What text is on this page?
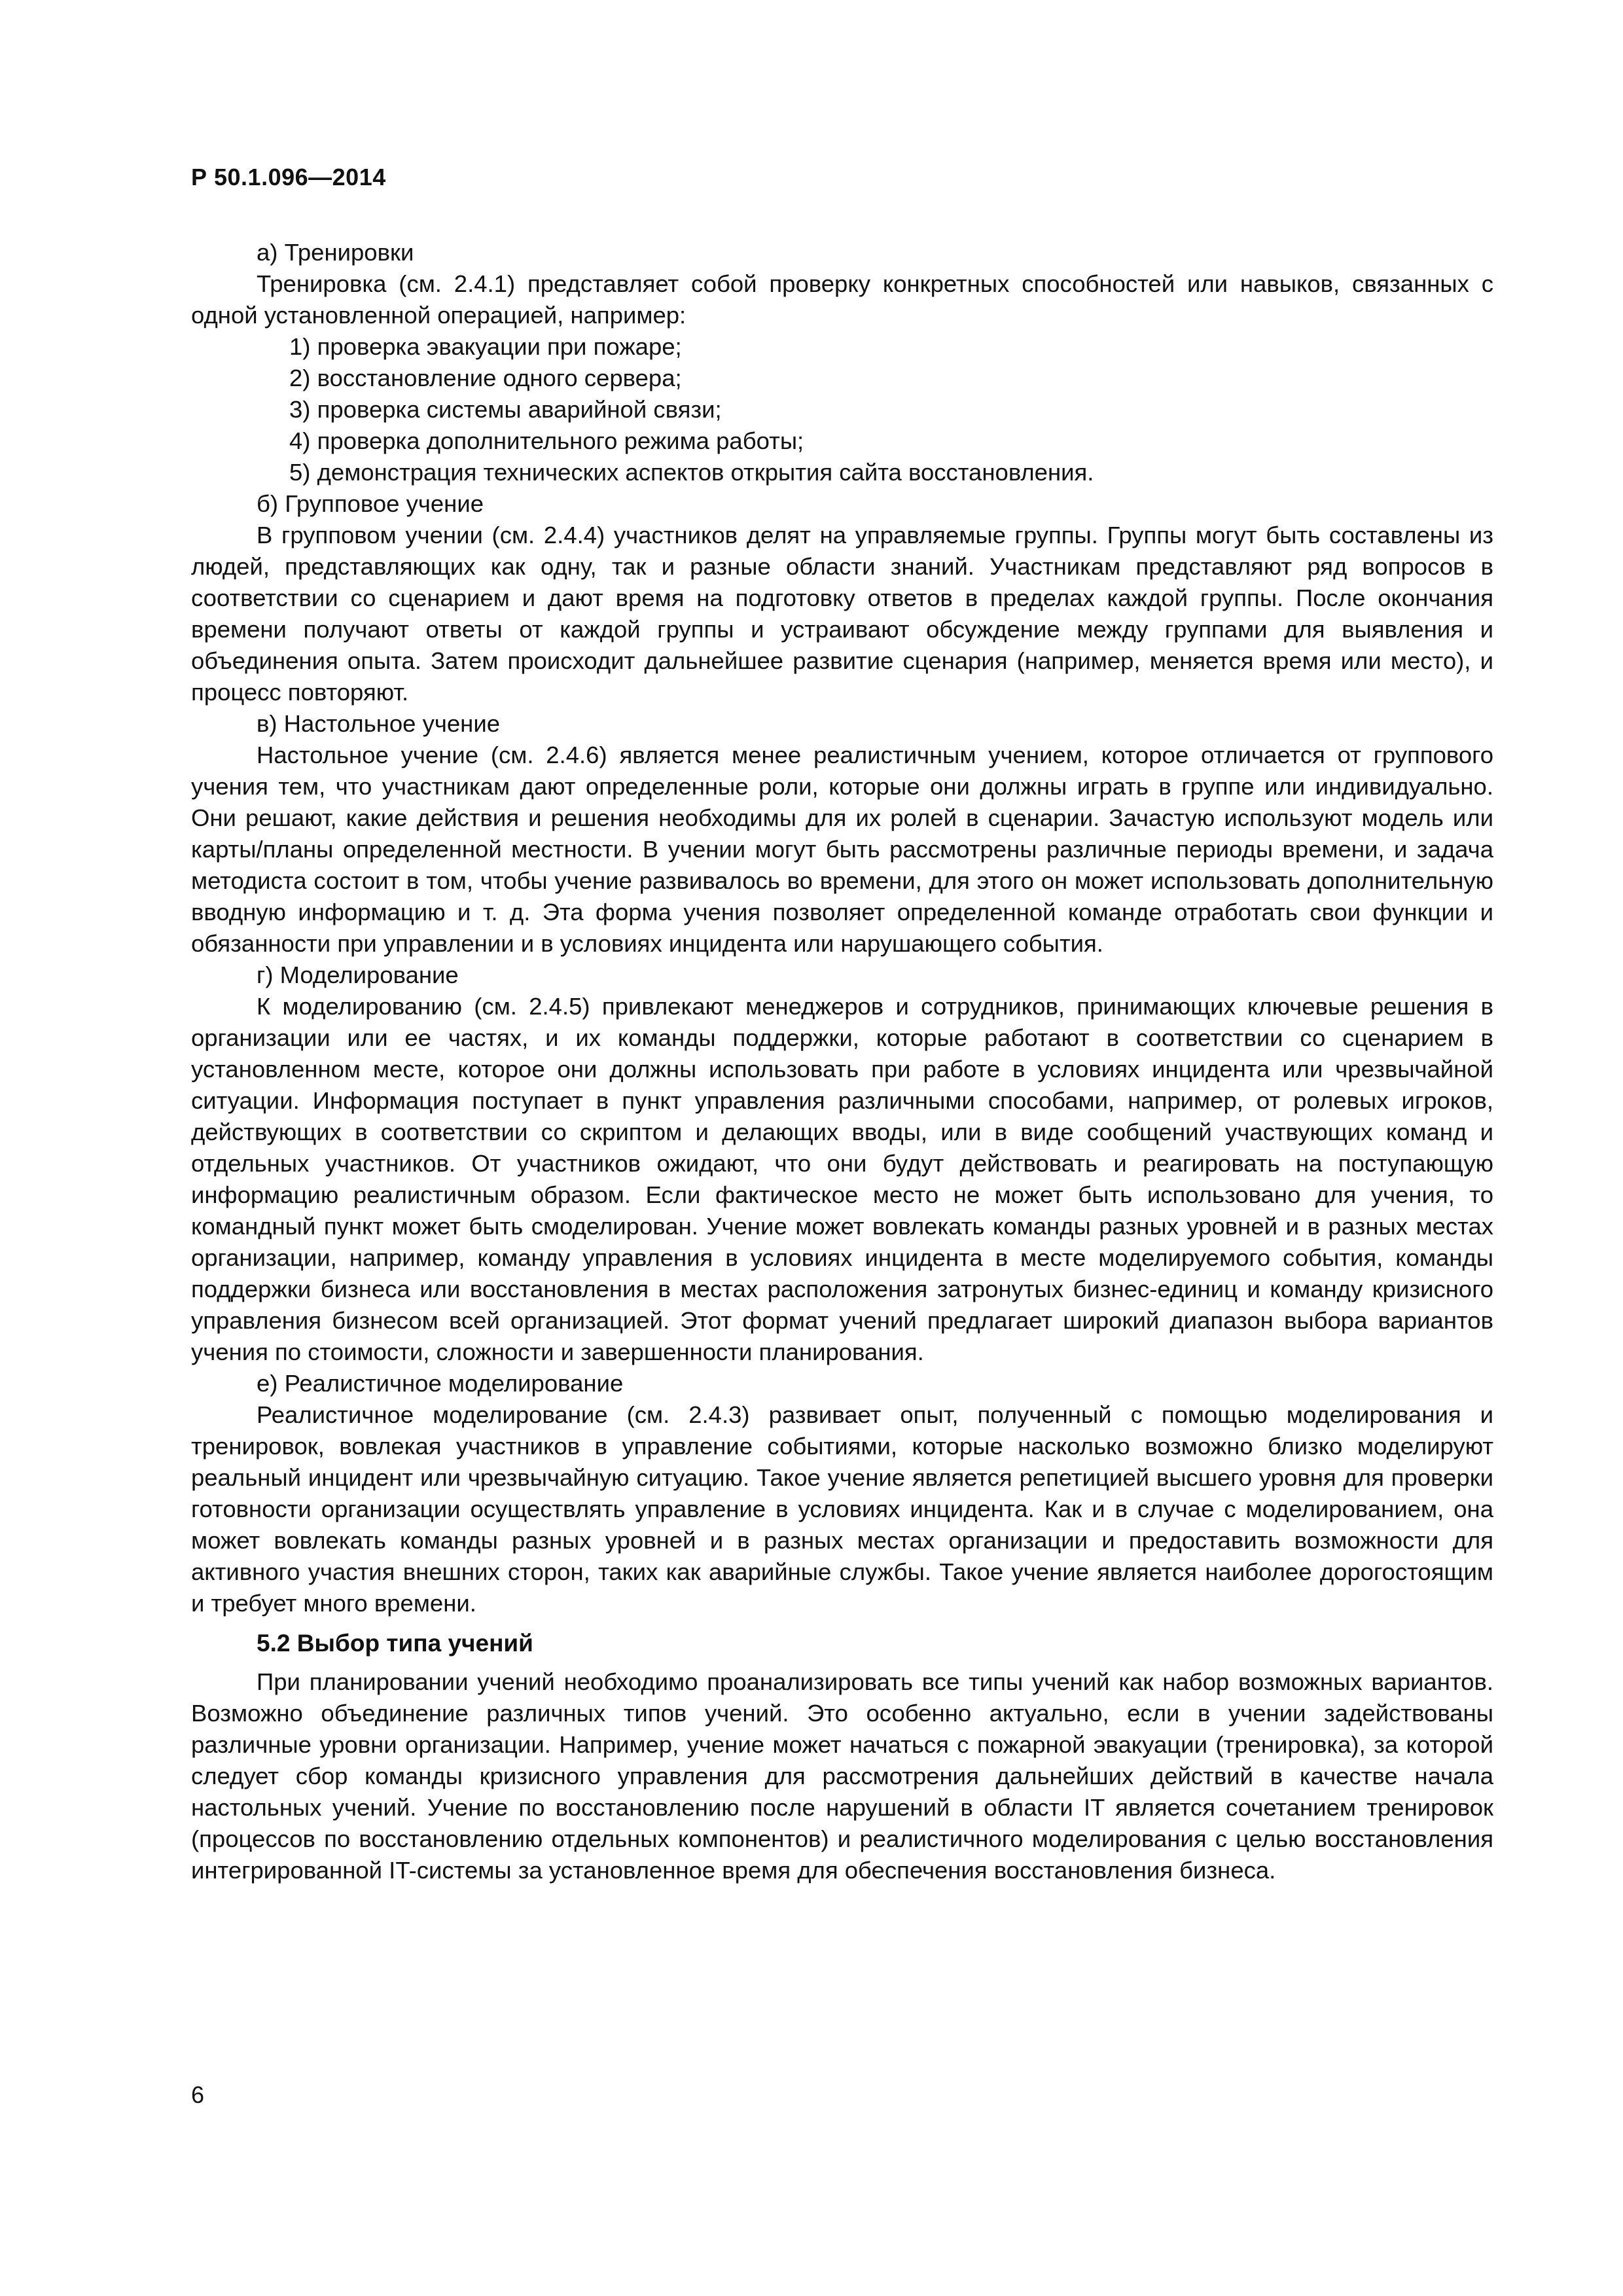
Р 50.1.096—2014
а) Тренировки

Тренировка (см. 2.4.1) представляет собой проверку конкретных способностей или навыков, связанных с одной установленной операцией, например:

1) проверка эвакуации при пожаре;
2) восстановление одного сервера;
3) проверка системы аварийной связи;
4) проверка дополнительного режима работы;
5) демонстрация технических аспектов открытия сайта восстановления.
б) Групповое учение

В групповом учении (см. 2.4.4) участников делят на управляемые группы. Группы могут быть составлены из людей, представляющих как одну, так и разные области знаний. Участникам представляют ряд вопросов в соответствии со сценарием и дают время на подготовку ответов в пределах каждой группы. После окончания времени получают ответы от каждой группы и устраивают обсуждение между группами для выявления и объединения опыта. Затем происходит дальнейшее развитие сценария (например, меняется время или место), и процесс повторяют.

в) Настольное учение

Настольное учение (см. 2.4.6) является менее реалистичным учением, которое отличается от группового учения тем, что участникам дают определенные роли, которые они должны играть в группе или индивидуально. Они решают, какие действия и решения необходимы для их ролей в сценарии. Зачастую используют модель или карты/планы определенной местности. В учении могут быть рассмотрены различные периоды времени, и задача методиста состоит в том, чтобы учение развивалось во времени, для этого он может использовать дополнительную вводную информацию и т. д. Эта форма учения позволяет определенной команде отработать свои функции и обязанности при управлении и в условиях инцидента или нарушающего события.

г) Моделирование

К моделированию (см. 2.4.5) привлекают менеджеров и сотрудников, принимающих ключевые решения в организации или ее частях, и их команды поддержки, которые работают в соответствии со сценарием в установленном месте, которое они должны использовать при работе в условиях инцидента или чрезвычайной ситуации. Информация поступает в пункт управления различными способами, например, от ролевых игроков, действующих в соответствии со скриптом и делающих вводы, или в виде сообщений участвующих команд и отдельных участников. От участников ожидают, что они будут действовать и реагировать на поступающую информацию реалистичным образом. Если фактическое место не может быть использовано для учения, то командный пункт может быть смоделирован. Учение может вовлекать команды разных уровней и в разных местах организации, например, команду управления в условиях инцидента в месте моделируемого события, команды поддержки бизнеса или восстановления в местах расположения затронутых бизнес-единиц и команду кризисного управления бизнесом всей организацией. Этот формат учений предлагает широкий диапазон выбора вариантов учения по стоимости, сложности и завершенности планирования.

е) Реалистичное моделирование

Реалистичное моделирование (см. 2.4.3) развивает опыт, полученный с помощью моделирования и тренировок, вовлекая участников в управление событиями, которые насколько возможно близко моделируют реальный инцидент или чрезвычайную ситуацию. Такое учение является репетицией высшего уровня для проверки готовности организации осуществлять управление в условиях инцидента. Как и в случае с моделированием, она может вовлекать команды разных уровней и в разных местах организации и предоставить возможности для активного участия внешних сторон, таких как аварийные службы. Такое учение является наиболее дорогостоящим и требует много времени.

5.2 Выбор типа учений

При планировании учений необходимо проанализировать все типы учений как набор возможных вариантов. Возможно объединение различных типов учений. Это особенно актуально, если в учении задействованы различные уровни организации. Например, учение может начаться с пожарной эвакуации (тренировка), за которой следует сбор команды кризисного управления для рассмотрения дальнейших действий в качестве начала настольных учений. Учение по восстановлению после нарушений в области IT является сочетанием тренировок (процессов по восстановлению отдельных компонентов) и реалистичного моделирования с целью восстановления интегрированной IT-системы за установленное время для обеспечения восстановления бизнеса.

6
